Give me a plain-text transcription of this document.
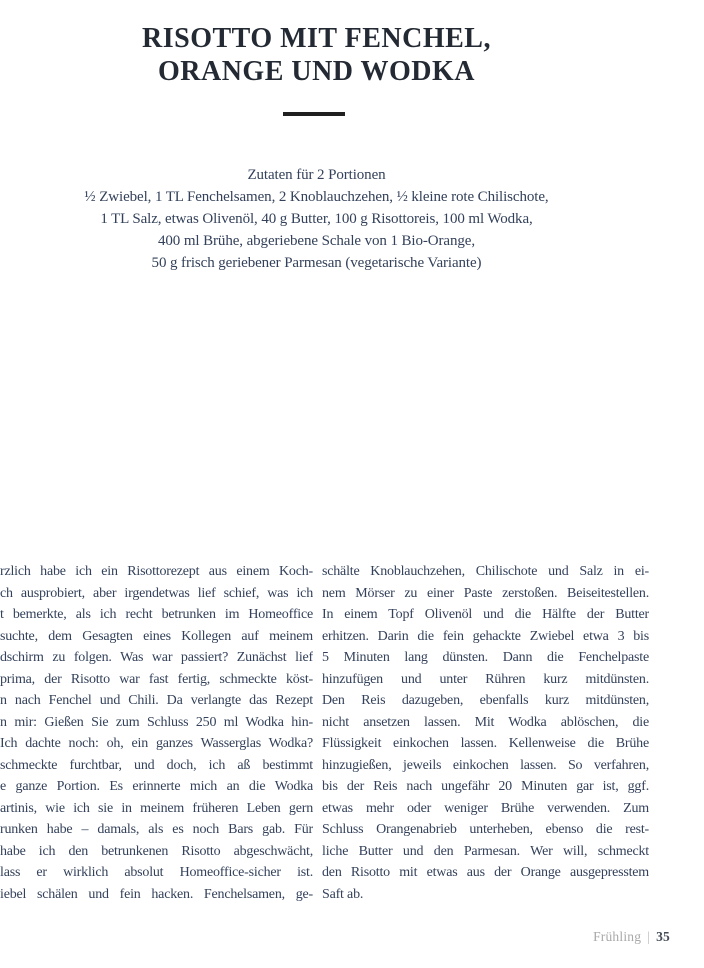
RISOTTO MIT FENCHEL,
ORANGE UND WODKA
Zutaten für 2 Portionen
½ Zwiebel, 1 TL Fenchelsamen, 2 Knoblauchzehen, ½ kleine rote Chilischote,
1 TL Salz, etwas Olivenöl, 40 g Butter, 100 g Risottoreis, 100 ml Wodka,
400 ml Brühe, abgeriebene Schale von 1 Bio-Orange,
50 g frisch geriebener Parmesan (vegetarische Variante)
rzlich habe ich ein Risottorezept aus einem Koch-
ch ausprobiert, aber irgendetwas lief schief, was ich
t bemerkte, als ich recht betrunken im Homeoffice
suchte, dem Gesagten eines Kollegen auf meinem
dschirm zu folgen. Was war passiert? Zunächst lief
prima, der Risotto war fast fertig, schmeckte köst-
n nach Fenchel und Chili. Da verlangte das Rezept
n mir: Gießen Sie zum Schluss 250 ml Wodka hin-
Ich dachte noch: oh, ein ganzes Wasserglas Wodka?
schmeckte furchtbar, und doch, ich aß bestimmt
e ganze Portion. Es erinnerte mich an die Wodka
artinis, wie ich sie in meinem früheren Leben gern
runken habe – damals, als es noch Bars gab. Für
habe ich den betrunkenen Risotto abgeschwächt,
lass er wirklich absolut Homeoffice-sicher ist.
iebel schälen und fein hacken. Fenchelsamen, ge-
schälte Knoblauchzehen, Chilischote und Salz in ei-
nem Mörser zu einer Paste zerstoßen. Beiseitestellen.
In einem Topf Olivenöl und die Hälfte der Butter
erhitzen. Darin die fein gehackte Zwiebel etwa 3 bis
5 Minuten lang dünsten. Dann die Fenchelpaste
hinzufügen und unter Rühren kurz mitdünsten.
Den Reis dazugeben, ebenfalls kurz mitdünsten,
nicht ansetzen lassen. Mit Wodka ablöschen, die
Flüssigkeit einkochen lassen. Kellenweise die Brühe
hinzugießen, jeweils einkochen lassen. So verfahren,
bis der Reis nach ungefähr 20 Minuten gar ist, ggf.
etwas mehr oder weniger Brühe verwenden. Zum
Schluss Orangenabrieb unterheben, ebenso die rest-
liche Butter und den Parmesan. Wer will, schmeckt
den Risotto mit etwas aus der Orange ausgepresstem
Saft ab.
Frühling | 35
